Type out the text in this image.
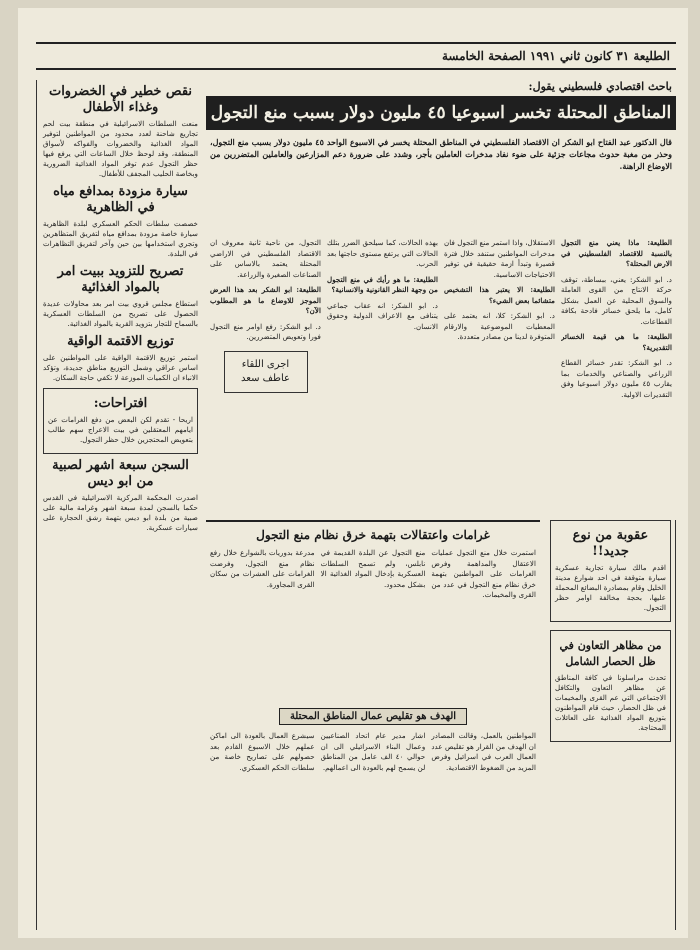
الطليعة ٣١ كانون ثاني ١٩٩١ الصفحة الخامسة
نقص خطير في الخضروات وغذاء الأطفال
منعت السلطات الاسرائيلية في منطقة بيت لحم تجاريع شاحنة لعدد محدود من المواطنين لتوفير المواد الغذائية والخضروات والفواكه لأسواق المنطقة، وقد لوحظ خلال الساعات التي يرفع فيها حظر التجول عدم توفر المواد الغذائية الضرورية وبخاصة الحليب المجفف للأطفال.
سيارة مزودة بمدافع مياه في الظاهرية
خصصت سلطات الحكم العسكري لبلدة الظاهرية سيارة خاصة مزودة بمدافع مياه لتفريق المتظاهرين وتجري استخدامها بين حين وآخر لتفريق التظاهرات في البلدة.
تصريح للتزويد ببيت امر بالمواد الغذائية
استطاع مجلس قروي بيت امر بعد محاولات عديدة الحصول على تصريح من السلطات العسكرية بالسماح للتجار بتزويد القرية بالمواد الغذائية.
توزيع الاقتمة الواقية
استمر توزيع الاقتمة الواقية على المواطنين على اساس عراقي وشمل التوزيع مناطق جديدة، وتؤكد الانباء ان الكميات الموزعة لا تكفي حاجة السكان.
افتراحات:
اريحا - تقدم لكن البعض من دفع الغرامات عن ايامهم المعتقلين في بيت الاعراج سهم طالب بتعويض المحتجزين خلال حظر التجول.
السجن سبعة اشهر لصبية من ابو ديس
اصدرت المحكمة المركزية الاسرائيلية في القدس حكما بالسجن لمدة سبعة اشهر وغرامة مالية على صبية من بلدة ابو ديس بتهمة رشق الحجارة على سيارات عسكرية.
باحث اقتصادي فلسطيني يقول:
المناطق المحتلة تخسر اسبوعيا ٤٥ مليون دولار بسبب منع التجول
قال الدكتور عبد الفتاح ابو الشكر ان الاقتصاد الفلسطيني في المناطق المحتلة يخسر في الاسبوع الواحد ٤٥ مليون دولار بسبب منع التجول، وحذر من مغبة حدوث مجاعات جزئية على ضوء نفاد مدخرات العاملين بأجر، وشدد على ضرورة دعم المزارعين والعاملين المتضررين من الاوضاع الراهنة.

الطليعة: ماذا يعني منع التجول بالنسبة للاقتصاد الفلسطيني في الارض المحتلة؟

د. ابو الشكر: يعني، ببساطة، توقف حركة الانتاج من القوى العاملة والسوق المحلية عن العمل بشكل كامل، ما يلحق خسائر فادحة بكافة القطاعات.

الطليعة: ما هي قيمة الخسائر التقديرية؟

د. ابو الشكر: تقدر خسائر القطاع الزراعي والصناعي والخدمات بما يقارب ٤٥ مليون دولار اسبوعيا وفق التقديرات الاولية.

الاستقلال، واذا استمر منع التجول فان مدخرات المواطنين ستنفد خلال فترة قصيرة وتبدأ ازمة حقيقية في توفير الاحتياجات الاساسية.

الطليعة: الا يعتبر هذا التشخيص متشائما بعض الشيء؟

د. ابو الشكر: كلا، انه يعتمد على المعطيات الموضوعية والارقام المتوفرة لدينا من مصادر متعددة.

بهذه الحالات، كما سيلحق الضرر بتلك الحالات التي يرتفع مستوى حاجتها بعد الحرب.

الطليعة: ما هو رأيك في منع التجول من وجهة النظر القانونية والانسانية؟

د. ابو الشكر: انه عقاب جماعي يتنافى مع الاعراف الدولية وحقوق الانسان.

التجول، من ناحية ثانية معروف ان الاقتصاد الفلسطيني في الاراضي المحتلة يعتمد بالاساس على الصناعات الصغيرة والزراعة.

الطليعة: ابو الشكر بعد هذا العرض الموجز للاوضاع ما هو المطلوب الآن؟

د. ابو الشكر: رفع اوامر منع التجول فورا وتعويض المتضررين.

اجرى اللقاء
عاطف سعد
عقوبة من نوع جديد!!
اقدم مالك سيارة تجارية عسكرية سيارة متوقفة في احد شوارع مدينة الخليل وقام بمصادرة البضائع المحملة عليها، بحجة مخالفة اوامر حظر التجول.
من مظاهر التعاون في ظل الحصار الشامل
تحدث مراسلونا في كافة المناطق عن مظاهر التعاون والتكافل الاجتماعي التي عم القرى والمخيمات في ظل الحصار، حيث قام المواطنون بتوزيع المواد الغذائية على العائلات المحتاجة.
غرامات واعتقالات بتهمة خرق نظام منع التجول
استمرت خلال منع التجول عمليات الاعتقال والمداهمة وفرض الغرامات على المواطنين بتهمة خرق نظام منع التجول في عدد من القرى والمخيمات.
منع التجول عن البلدة القديمة في نابلس، ولم تسمح السلطات العسكرية بإدخال المواد الغذائية الا بشكل محدود.
مدرعة بدوريات بالشوارع خلال رفع نظام منع التجول، وفرضت الغرامات على العشرات من سكان القرى المجاورة.
الهدف هو تقليص عمال المناطق المحتلة
المواطنين بالعمل، وقالت المصادر ان الهدف من القرار هو تقليص عدد العمال العرب في اسرائيل وفرض المزيد من الضغوط الاقتصادية.
اشار مدير عام اتحاد الصناعيين وعمال البناء الاسرائيلي الى ان حوالي ٤٠ الف عامل من المناطق لن يسمح لهم بالعودة الى اعمالهم.
سيشرع العمال بالعودة الى اماكن عملهم خلال الاسبوع القادم بعد حصولهم على تصاريح خاصة من سلطات الحكم العسكري.
